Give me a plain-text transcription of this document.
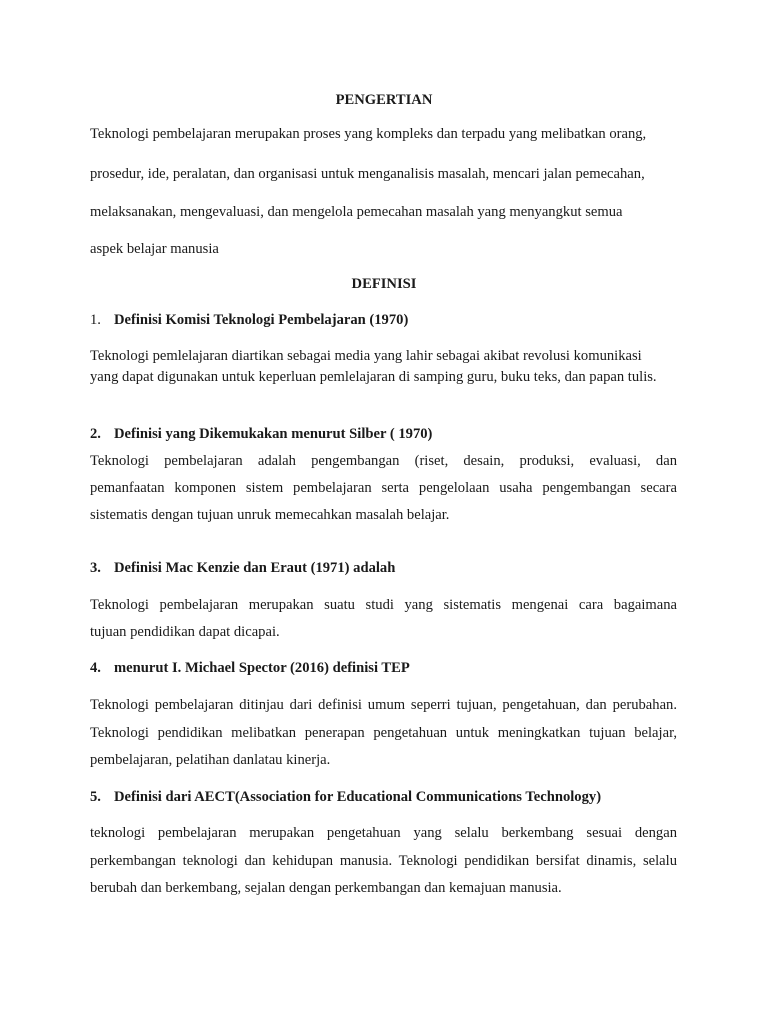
PENGERTIAN
Teknologi pembelajaran merupakan proses yang kompleks dan terpadu yang melibatkan orang,
prosedur, ide, peralatan, dan organisasi untuk menganalisis masalah, mencari jalan pemecahan,
melaksanakan, mengevaluasi, dan mengelola pemecahan masalah yang menyangkut semua
aspek belajar manusia
DEFINISI
1. Definisi Komisi Teknologi Pembelajaran (1970)
Teknologi pemlelajaran diartikan sebagai media yang lahir sebagai akibat revolusi komunikasi
yang dapat digunakan untuk keperluan pemlelajaran di samping guru, buku teks, dan papan tulis.
2. Definisi yang Dikemukakan menurut Silber ( 1970)
Teknologi pembelajaran adalah pengembangan (riset, desain, produksi, evaluasi, dan
pemanfaatan komponen sistem pembelajaran serta pengelolaan usaha pengembangan secara
sistematis dengan tujuan unruk memecahkan masalah belajar.
3. Definisi Mac Kenzie dan Eraut (1971) adalah
Teknologi pembelajaran merupakan suatu studi yang sistematis mengenai cara bagaimana
tujuan pendidikan dapat dicapai.
4. menurut I. Michael Spector (2016) definisi TEP
Teknologi pembelajaran ditinjau dari definisi umum seperri tujuan, pengetahuan, dan perubahan.
Teknologi pendidikan melibatkan penerapan pengetahuan untuk meningkatkan tujuan belajar,
pembelajaran, pelatihan danlatau kinerja.
5. Definisi dari AECT(Association for Educational Communications Technology)
teknologi pembelajaran merupakan pengetahuan yang selalu berkembang sesuai dengan
perkembangan teknologi dan kehidupan manusia. Teknologi pendidikan bersifat dinamis, selalu
berubah dan berkembang, sejalan dengan perkembangan dan kemajuan manusia.
